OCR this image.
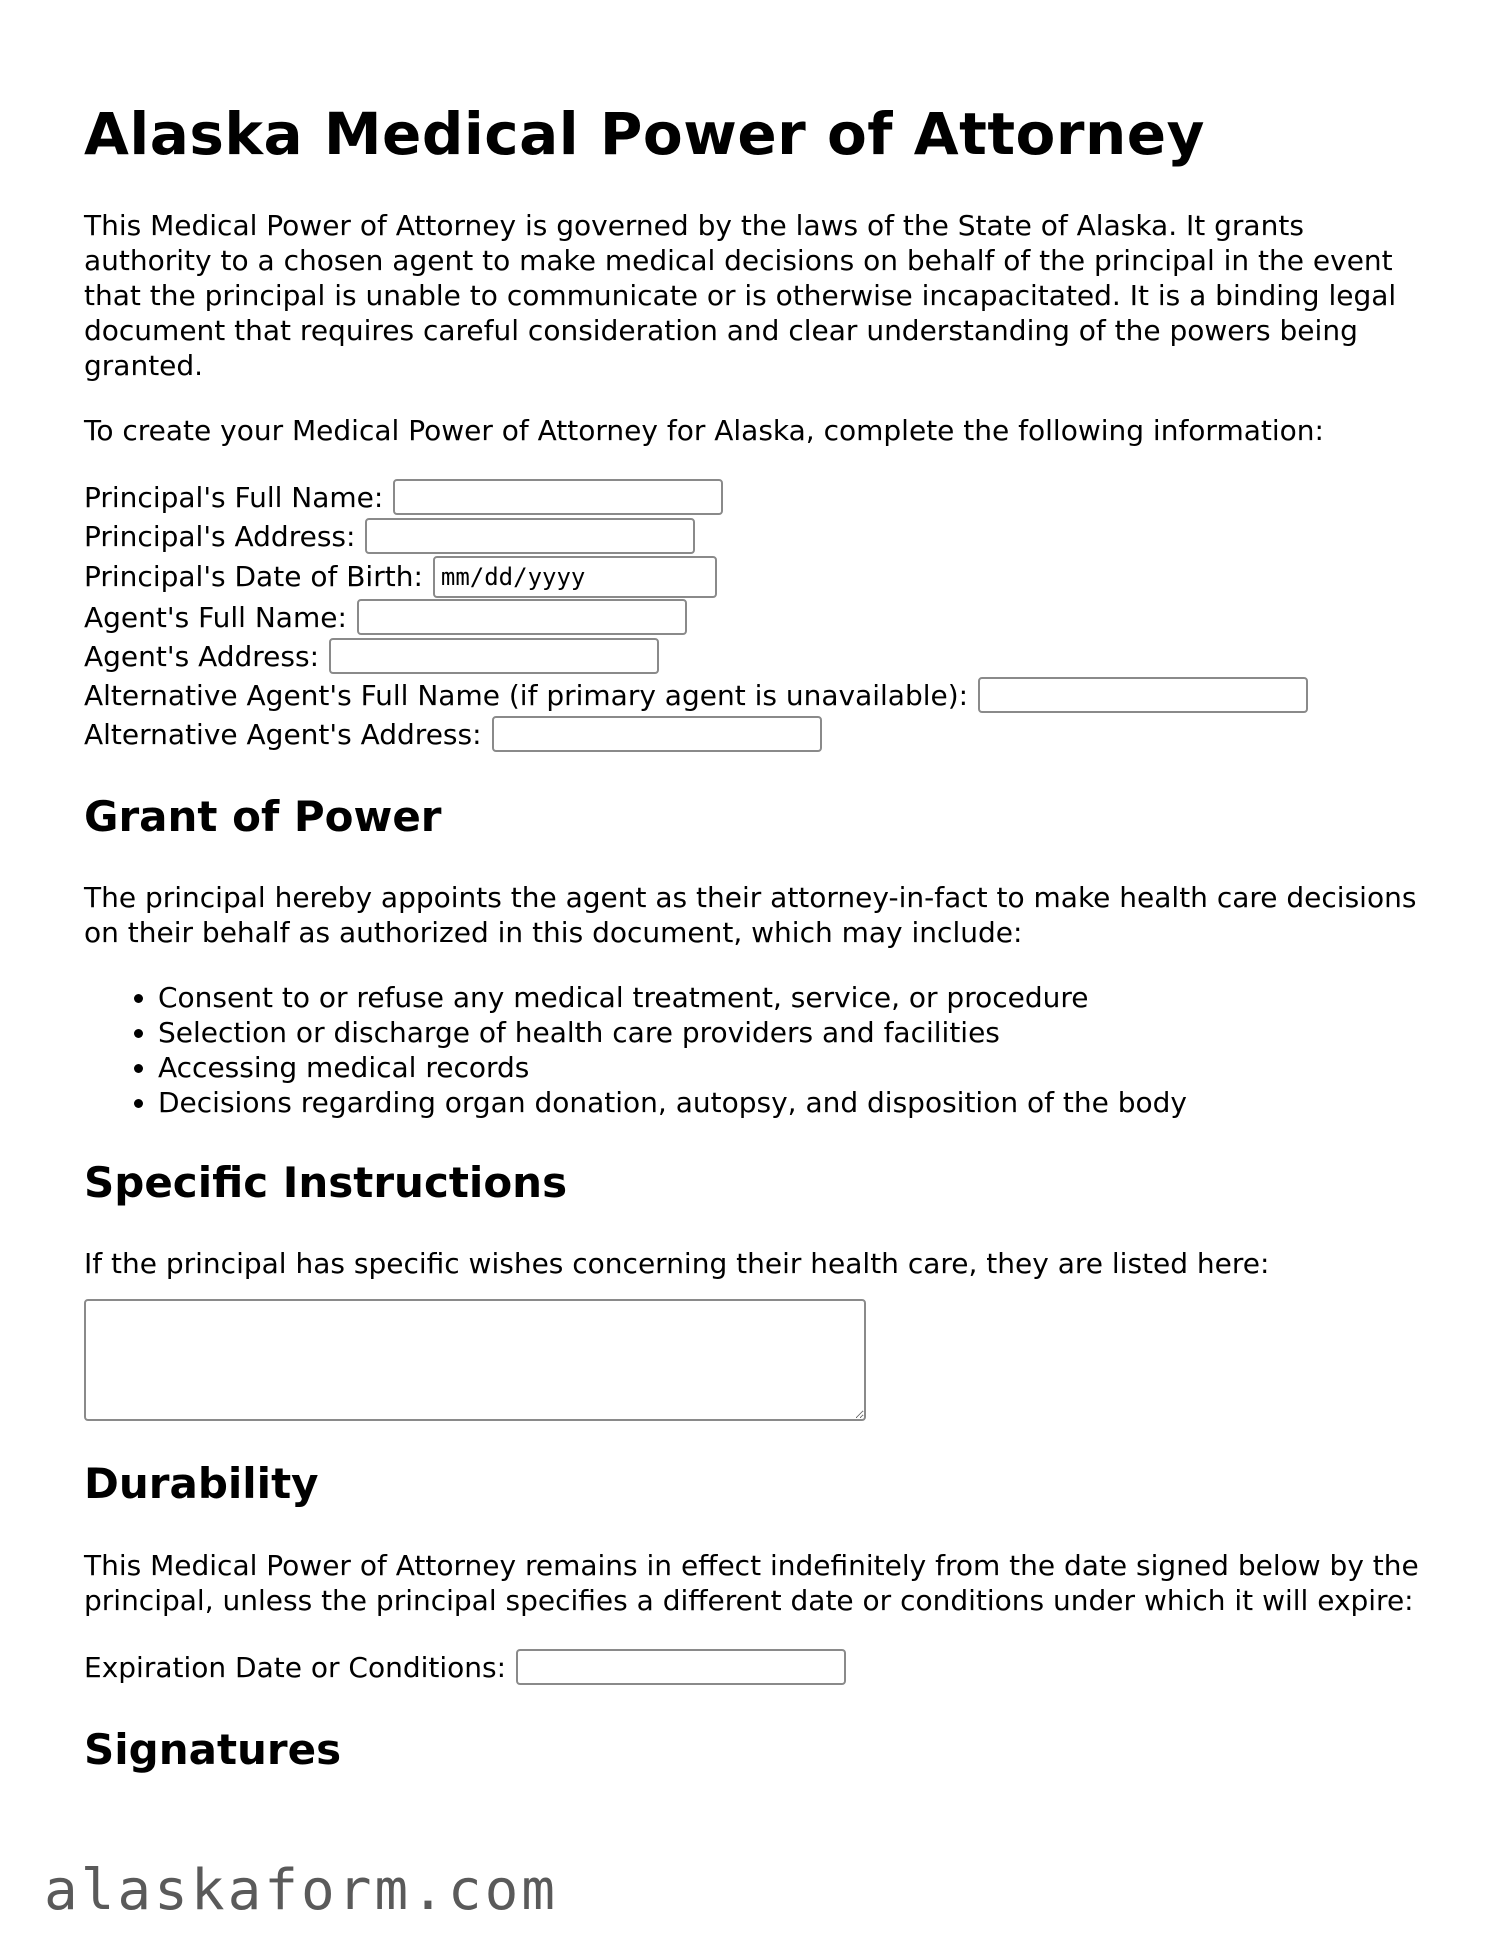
Alaska Medical Power of Attorney

This Medical Power of Attorney is governed by the laws of the State of Alaska. It grants authority to a chosen agent to make medical decisions on behalf of the principal in the event that the principal is unable to communicate or is otherwise incapacitated. It is a binding legal document that requires careful consideration and clear understanding of the powers being granted.

To create your Medical Power of Attorney for Alaska, complete the following information:

Principal's Full Name:
Principal's Address:
Principal's Date of Birth:
mm/dd/yyyy
Agent's Full Name:
Agent's Address:
Alternative Agent's Full Name (if primary agent is unavailable):
Alternative Agent's Address:
Grant of Power

The principal hereby appoints the agent as their attorney-in-fact to make health care decisions on their behalf as authorized in this document, which may include:

• Consent to or refuse any medical treatment, service, or procedure
• Selection or discharge of health care providers and facilities
• Accessing medical records
• Decisions regarding organ donation, autopsy, and disposition of the body
Specific Instructions

If the principal has specific wishes concerning their health care, they are listed here:

Durability

This Medical Power of Attorney remains in effect indefinitely from the date signed below by the principal, unless the principal specifies a different date or conditions under which it will expire:

Expiration Date or Conditions:
Signatures
alaskaform.com
